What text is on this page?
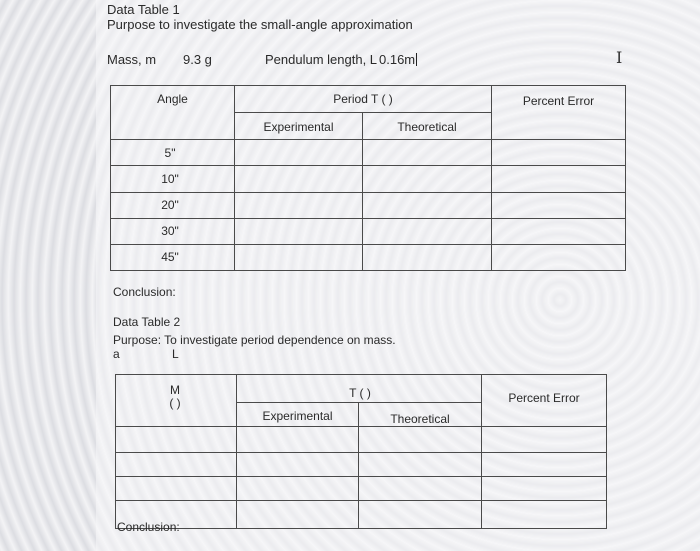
Data Table 1
Purpose to investigate the small-angle approximation
Mass, m 9.3 g	Pendulum length, L 0.16m	I
Angle	Period T ( )	Percent Error
Experimental	Theoretical
5"
10"
20"
30"
45"
Conclusion:
Data Table 2
Purpose: To investigate period dependence on mass.
a	L
M
( )
T ( )	Percent Error
Experimental	Theoretical
Conclusion:
